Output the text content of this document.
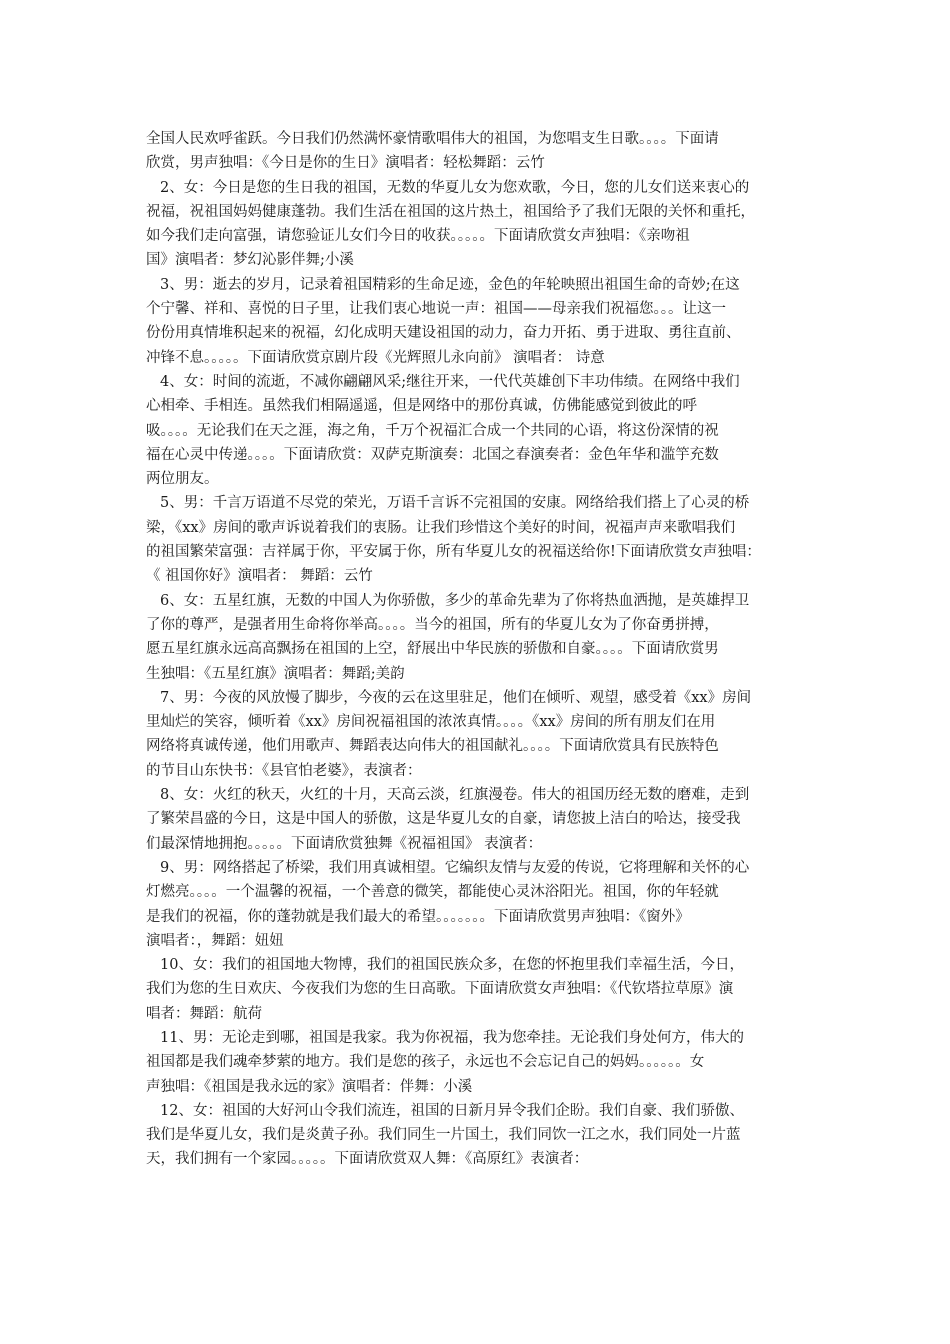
全国人民欢呼雀跃。今日我们仍然满怀豪情歌唱伟大的祖国，为您唱支生日歌。。。。下面请
欣赏，男声独唱：《今日是你的生日》演唱者：轻松舞蹈：云竹
2、女：今日是您的生日我的祖国，无数的华夏儿女为您欢歌，今日，您的儿女们送来衷心的
祝福，祝祖国妈妈健康蓬勃。我们生活在祖国的这片热土，祖国给予了我们无限的关怀和重托，
如今我们走向富强，请您验证儿女们今日的收获。。。。。下面请欣赏女声独唱：《亲吻祖
国》演唱者：梦幻沁影伴舞;小溪
3、男：逝去的岁月，记录着祖国精彩的生命足迹，金色的年轮映照出祖国生命的奇妙;在这
个宁馨、祥和、喜悦的日子里，让我们衷心地说一声：祖国——母亲我们祝福您。。。让这一
份份用真情堆积起来的祝福，幻化成明天建设祖国的动力，奋力开拓、勇于进取、勇往直前、
冲锋不息。。。。。下面请欣赏京剧片段《光辉照儿永向前》 演唱者： 诗意
4、女：时间的流逝，不减你翩翩风采;继往开来，一代代英雄创下丰功伟绩。在网络中我们
心相牵、手相连。虽然我们相隔遥遥，但是网络中的那份真诚，仿佛能感觉到彼此的呼
吸。。。。无论我们在天之涯，海之角，千万个祝福汇合成一个共同的心语，将这份深情的祝
福在心灵中传递。。。。下面请欣赏：双萨克斯演奏：北国之春演奏者：金色年华和滥竽充数
两位朋友。
5、男：千言万语道不尽党的荣光，万语千言诉不完祖国的安康。网络给我们搭上了心灵的桥
梁，《xx》房间的歌声诉说着我们的衷肠。让我们珍惜这个美好的时间，祝福声声来歌唱我们
的祖国繁荣富强：吉祥属于你，平安属于你，所有华夏儿女的祝福送给你!下面请欣赏女声独唱：
《 祖国你好》演唱者： 舞蹈：云竹
6、女：五星红旗，无数的中国人为你骄傲，多少的革命先辈为了你将热血洒抛，是英雄捍卫
了你的尊严，是强者用生命将你举高。。。。当今的祖国，所有的华夏儿女为了你奋勇拼搏，
愿五星红旗永远高高飘扬在祖国的上空，舒展出中华民族的骄傲和自豪。。。。下面请欣赏男
生独唱：《五星红旗》演唱者：舞蹈;美韵
7、男：今夜的风放慢了脚步，今夜的云在这里驻足，他们在倾听、观望，感受着《xx》房间
里灿烂的笑容，倾听着《xx》房间祝福祖国的浓浓真情。。。。《xx》房间的所有朋友们在用
网络将真诚传递，他们用歌声、舞蹈表达向伟大的祖国献礼。。。。下面请欣赏具有民族特色
的节目山东快书：《县官怕老婆》，表演者：
8、女：火红的秋天，火红的十月，天高云淡，红旗漫卷。伟大的祖国历经无数的磨难，走到
了繁荣昌盛的今日，这是中国人的骄傲，这是华夏儿女的自豪，请您披上洁白的哈达，接受我
们最深情地拥抱。。。。。下面请欣赏独舞《祝福祖国》 表演者：
9、男：网络搭起了桥梁，我们用真诚相望。它编织友情与友爱的传说，它将理解和关怀的心
灯燃亮。。。。一个温馨的祝福，一个善意的微笑，都能使心灵沐浴阳光。祖国，你的年轻就
是我们的祝福，你的蓬勃就是我们最大的希望。。。。。。。下面请欣赏男声独唱：《窗外》
演唱者：，舞蹈：妞妞
10、女：我们的祖国地大物博，我们的祖国民族众多，在您的怀抱里我们幸福生活，今日，
我们为您的生日欢庆、今夜我们为您的生日高歌。下面请欣赏女声独唱：《代钦塔拉草原》演
唱者：舞蹈：航荷
11、男：无论走到哪，祖国是我家。我为你祝福，我为您牵挂。无论我们身处何方，伟大的
祖国都是我们魂牵梦萦的地方。我们是您的孩子，永远也不会忘记自己的妈妈。。。。。。女
声独唱：《祖国是我永远的家》演唱者：伴舞：小溪
12、女：祖国的大好河山令我们流连，祖国的日新月异令我们企盼。我们自豪、我们骄傲、
我们是华夏儿女，我们是炎黄子孙。我们同生一片国土，我们同饮一江之水，我们同处一片蓝
天，我们拥有一个家园。。。。。下面请欣赏双人舞：《高原红》表演者：
